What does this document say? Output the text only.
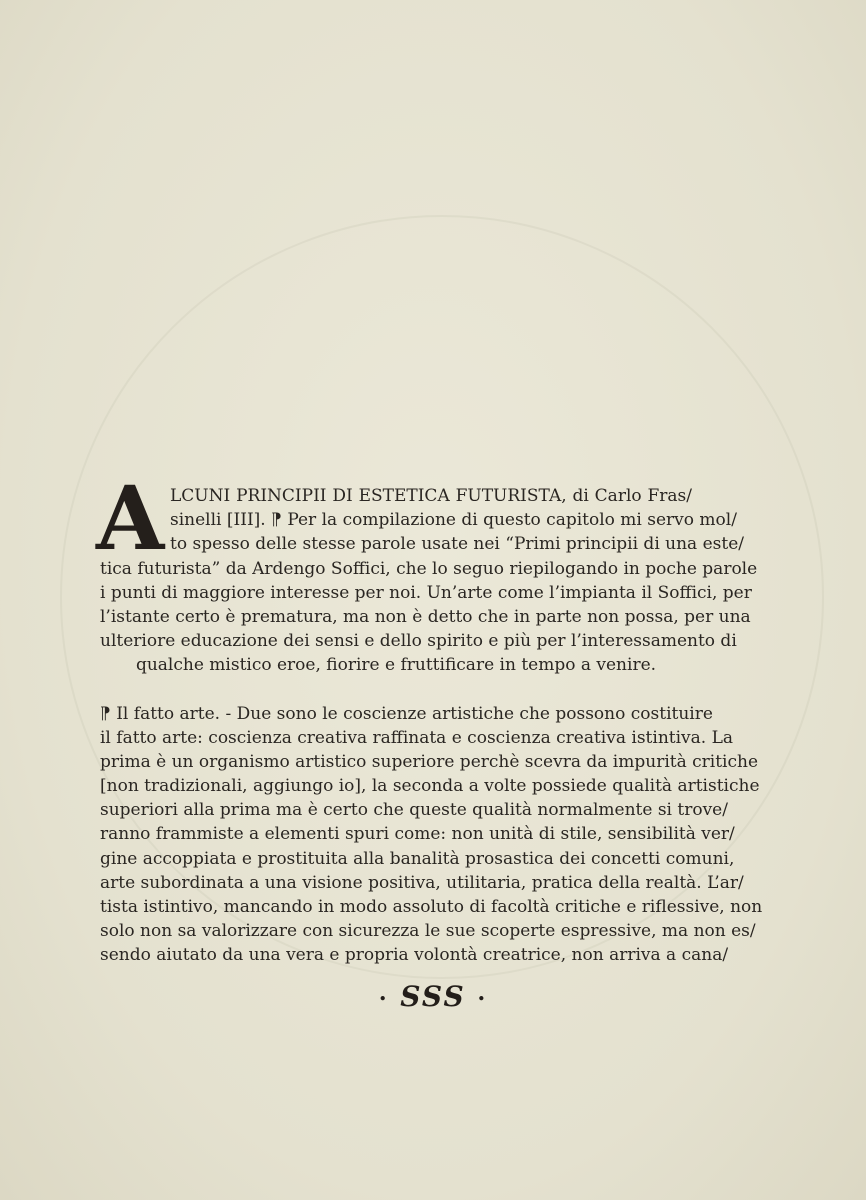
A LCUNI PRINCIPII DI ESTETICA FUTURISTA, di Carlo Fras/
sinelli [III]. ⁋ Per la compilazione di questo capitolo mi servo mol/
to spesso delle stesse parole usate nei “Primi principii di una este/
tica futurista” da Ardengo Soffici, che lo seguo riepilogando in poche parole
i punti di maggiore interesse per noi. Un’arte come l’impianta il Soffici, per
l’istante certo è prematura, ma non è detto che in parte non possa, per una
ulteriore educazione dei sensi e dello spirito e più per l’interessamento di
qualche mistico eroe, fiorire e fruttificare in tempo a venire.
⁋ Il fatto arte. - Due sono le coscienze artistiche che possono costituire
il fatto arte: coscienza creativa raffinata e coscienza creativa istintiva. La
prima è un organismo artistico superiore perchè scevra da impurità critiche
[non tradizionali, aggiungo io], la seconda a volte possiede qualità artistiche
superiori alla prima ma è certo che queste qualità normalmente si trove/
ranno frammiste a elementi spuri come: non unità di stile, sensibilità ver/
gine accoppiata e prostituita alla banalità prosastica dei concetti comuni,
arte subordinata a una visione positiva, utilitaria, pratica della realtà. L’ar/
tista istintivo, mancando in modo assoluto di facoltà critiche e riflessive, non
solo non sa valorizzare con sicurezza le sue scoperte espressive, ma non es/
sendo aiutato da una vera e propria volontà creatrice, non arriva a cana/
• SSS •
